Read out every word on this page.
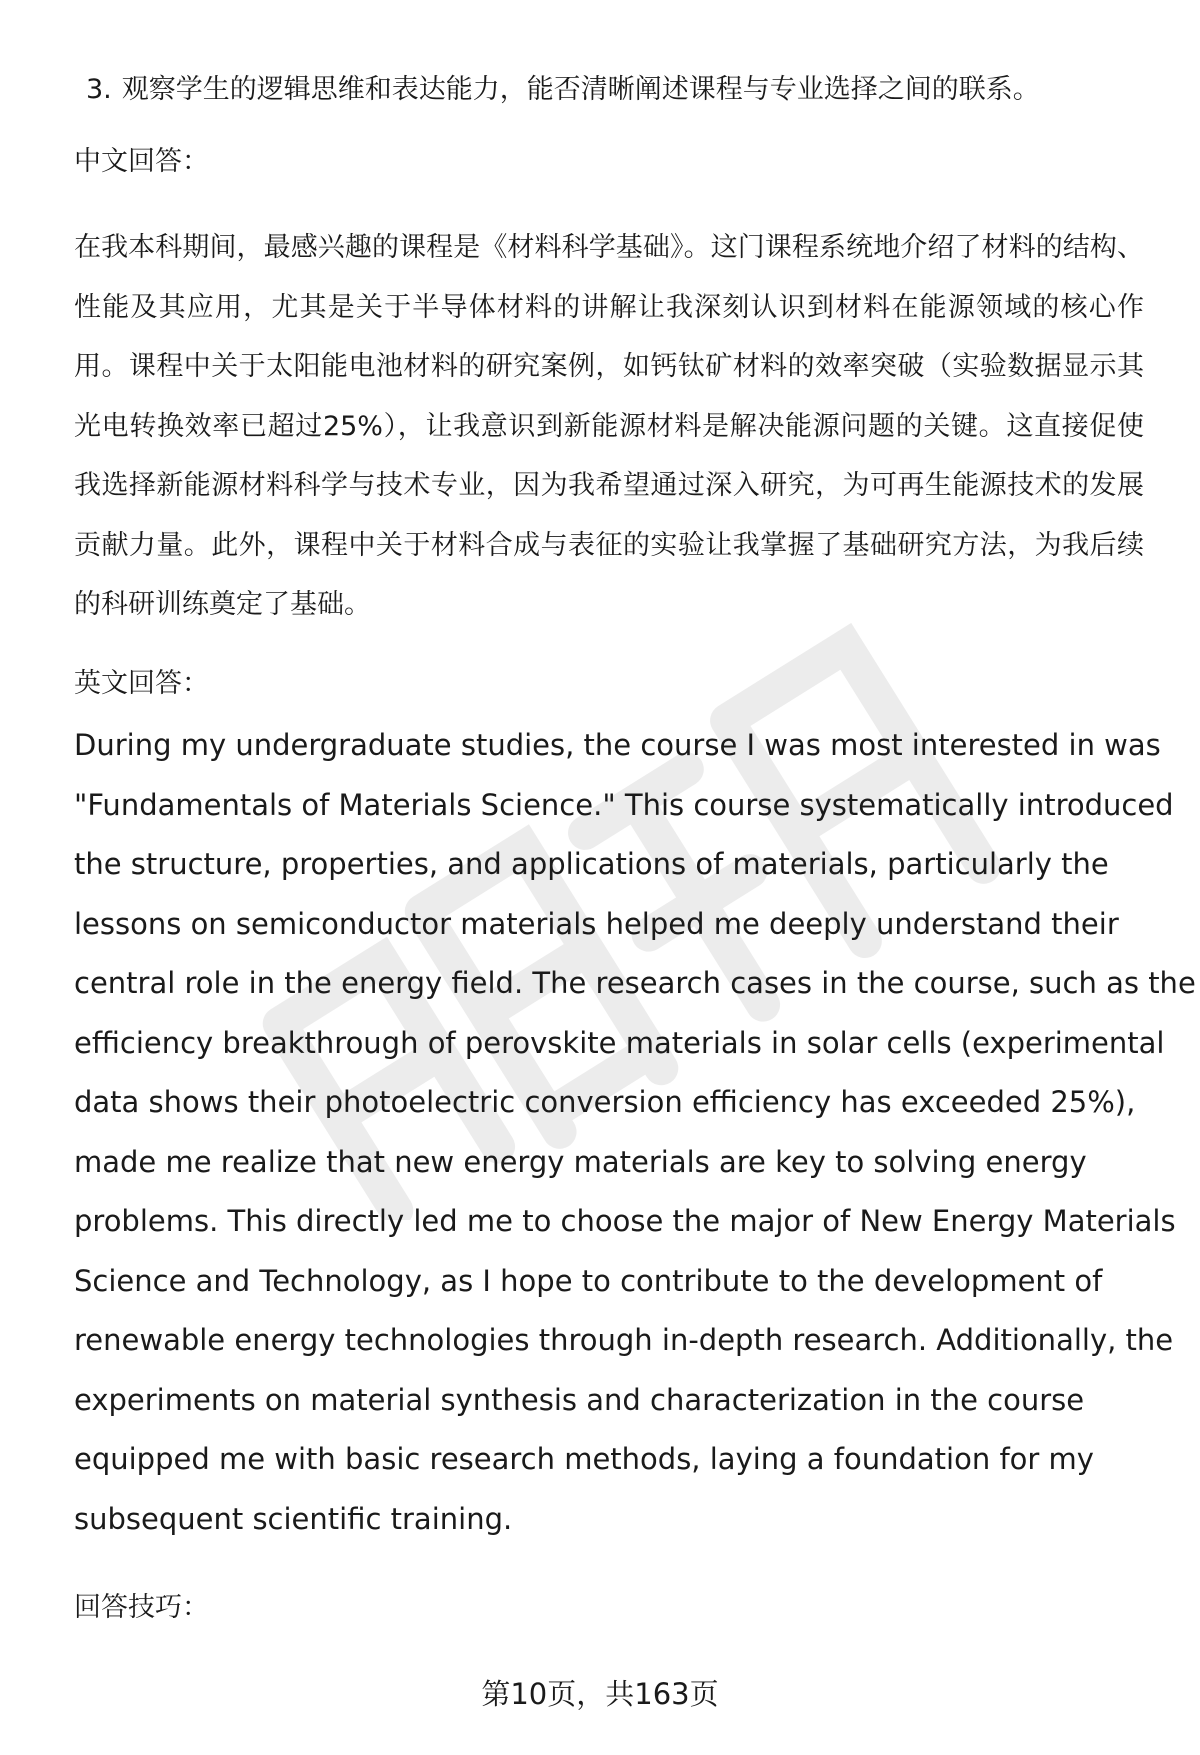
3. 观察学生的逻辑思维和表达能力，能否清晰阐述课程与专业选择之间的联系。
中文回答：
在我本科期间，最感兴趣的课程是《材料科学基础》。这门课程系统地介绍了材料的结构、性能及其应用，尤其是关于半导体材料的讲解让我深刻认识到材料在能源领域的核心作用。课程中关于太阳能电池材料的研究案例，如钙钛矿材料的效率突破（实验数据显示其光电转换效率已超过25%），让我意识到新能源材料是解决能源问题的关键。这直接促使我选择新能源材料科学与技术专业，因为我希望通过深入研究，为可再生能源技术的发展贡献力量。此外，课程中关于材料合成与表征的实验让我掌握了基础研究方法，为我后续的科研训练奠定了基础。
英文回答：
During my undergraduate studies, the course I was most interested in was
"Fundamentals of Materials Science." This course systematically introduced
the structure, properties, and applications of materials, particularly the
lessons on semiconductor materials helped me deeply understand their
central role in the energy field. The research cases in the course, such as the
efficiency breakthrough of perovskite materials in solar cells (experimental
data shows their photoelectric conversion efficiency has exceeded 25%),
made me realize that new energy materials are key to solving energy
problems. This directly led me to choose the major of New Energy Materials
Science and Technology, as I hope to contribute to the development of
renewable energy technologies through in-depth research. Additionally, the
experiments on material synthesis and characterization in the course
equipped me with basic research methods, laying a foundation for my
subsequent scientific training.
回答技巧：
第10页，共163页
